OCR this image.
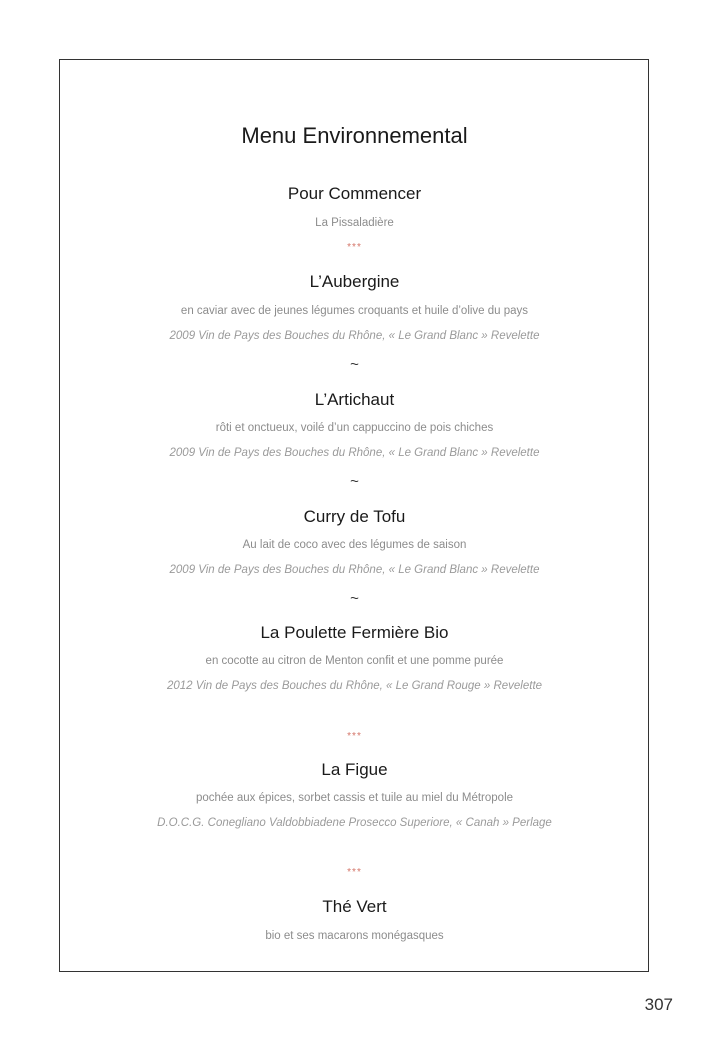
Menu Environnemental
Pour Commencer
La Pissaladière
***
L’Aubergine
en caviar avec de jeunes légumes croquants et huile d’olive du pays
2009 Vin de Pays des Bouches du Rhône, « Le Grand Blanc » Revelette
~
L’Artichaut
rôti et onctueux, voilé d’un cappuccino de pois chiches
2009 Vin de Pays des Bouches du Rhône, « Le Grand Blanc » Revelette
~
Curry de Tofu
Au lait de coco avec des légumes de saison
2009 Vin de Pays des Bouches du Rhône, « Le Grand Blanc » Revelette
~
La Poulette Fermière Bio
en cocotte au citron de Menton confit et une pomme purée
2012 Vin de Pays des Bouches du Rhône, « Le Grand Rouge » Revelette
***
La Figue
pochée aux épices, sorbet cassis et tuile au miel du Métropole
D.O.C.G. Conegliano Valdobbiadene Prosecco Superiore, « Canah » Perlage
***
Thé Vert
bio et ses macarons monégasques
307
